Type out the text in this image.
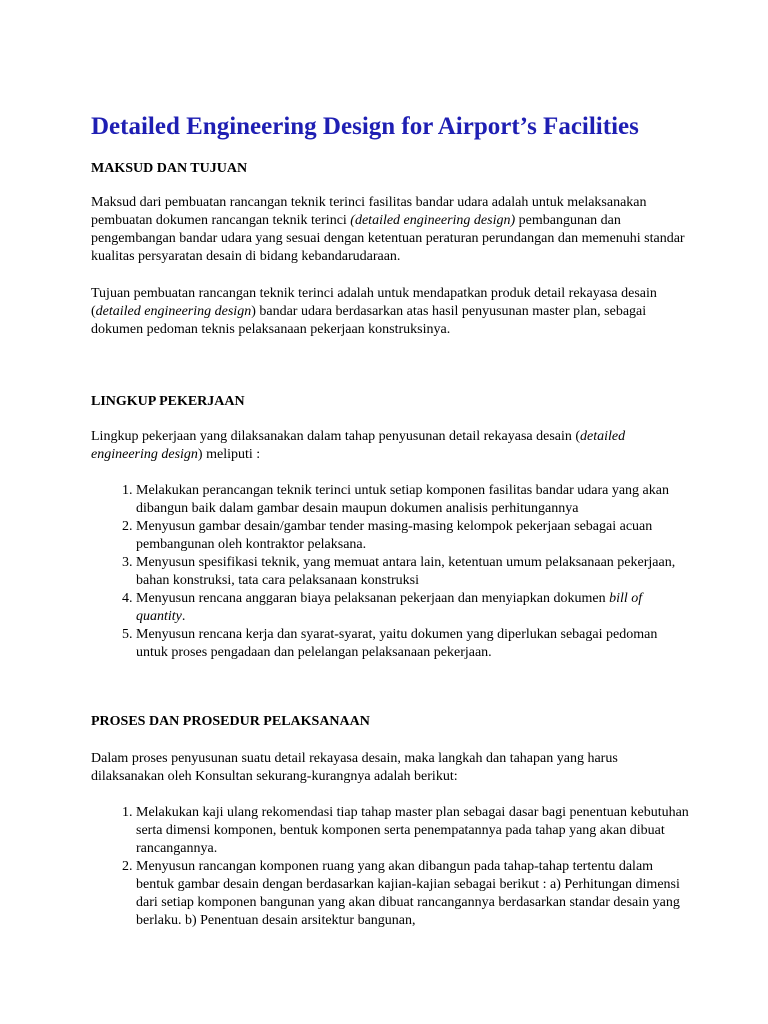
Detailed Engineering Design for Airport’s Facilities
MAKSUD DAN TUJUAN

Maksud dari pembuatan rancangan teknik terinci fasilitas bandar udara adalah untuk melaksanakan pembuatan dokumen rancangan teknik terinci (detailed engineering design) pembangunan dan pengembangan bandar udara yang sesuai dengan ketentuan peraturan perundangan dan memenuhi standar kualitas persyaratan desain di bidang kebandarudaraan.

Tujuan pembuatan rancangan teknik terinci adalah untuk mendapatkan produk detail rekayasa desain (detailed engineering design) bandar udara berdasarkan atas hasil penyusunan master plan, sebagai dokumen pedoman teknis pelaksanaan pekerjaan konstruksinya.

LINGKUP PEKERJAAN

Lingkup pekerjaan yang dilaksanakan dalam tahap penyusunan detail rekayasa desain (detailed engineering design) meliputi :

1. Melakukan perancangan teknik terinci untuk setiap komponen fasilitas bandar udara yang akan dibangun baik dalam gambar desain maupun dokumen analisis perhitungannya
2. Menyusun gambar desain/gambar tender masing-masing kelompok pekerjaan sebagai acuan pembangunan oleh kontraktor pelaksana.
3. Menyusun spesifikasi teknik, yang memuat antara lain, ketentuan umum pelaksanaan pekerjaan, bahan konstruksi, tata cara pelaksanaan konstruksi
4. Menyusun rencana anggaran biaya pelaksanan pekerjaan dan menyiapkan dokumen bill of quantity.
5. Menyusun rencana kerja dan syarat-syarat, yaitu dokumen yang diperlukan sebagai pedoman untuk proses pengadaan dan pelelangan pelaksanaan pekerjaan.
PROSES DAN PROSEDUR PELAKSANAAN

Dalam proses penyusunan suatu detail rekayasa desain, maka langkah dan tahapan yang harus dilaksanakan oleh Konsultan sekurang-kurangnya adalah berikut:

1. Melakukan kaji ulang rekomendasi tiap tahap master plan sebagai dasar bagi penentuan kebutuhan serta dimensi komponen, bentuk komponen serta penempatannya pada tahap yang akan dibuat rancangannya.
2. Menyusun rancangan komponen ruang yang akan dibangun pada tahap-tahap tertentu dalam bentuk gambar desain dengan berdasarkan kajian-kajian sebagai berikut : a) Perhitungan dimensi dari setiap komponen bangunan yang akan dibuat rancangannya berdasarkan standar desain yang berlaku. b) Penentuan desain arsitektur bangunan,
